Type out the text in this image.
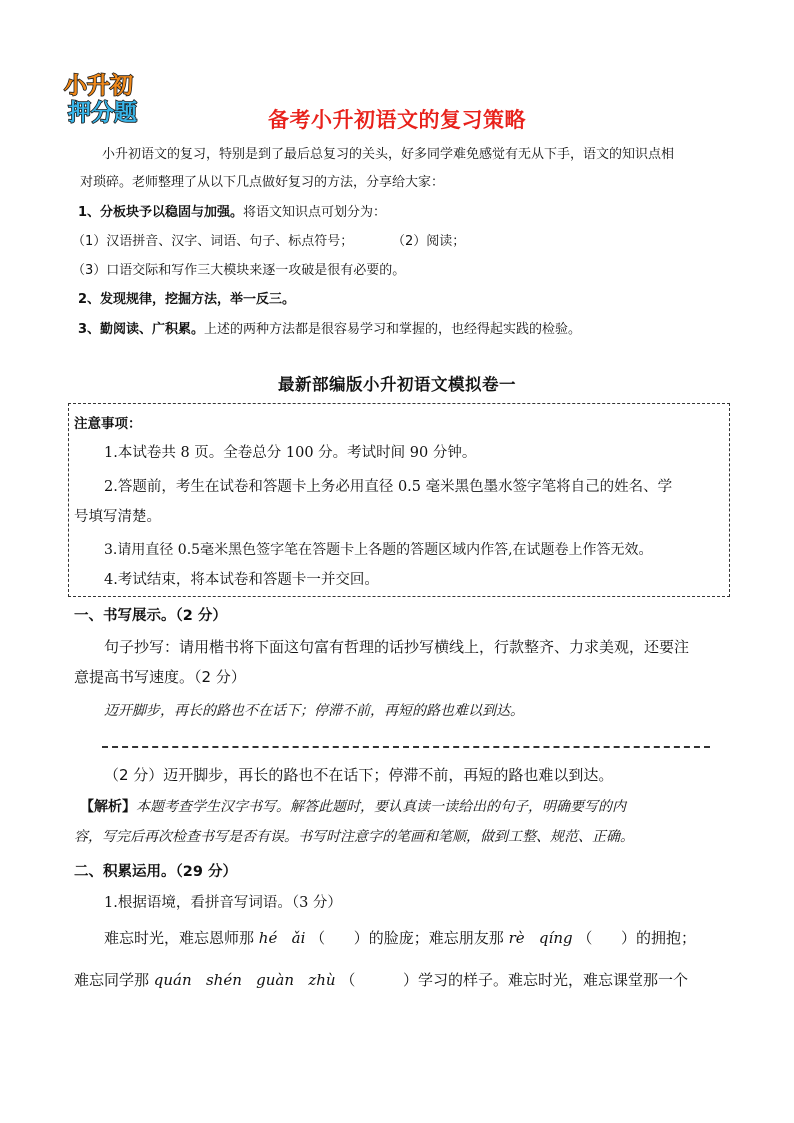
小升初
押分题	备考小升初语文的复习策略
小升初语文的复习，特别是到了最后总复习的关头，好多同学难免感觉有无从下手，语文的知识点相
对琐碎。老师整理了从以下几点做好复习的方法，分享给大家：
1、分板块予以稳固与加强。将语文知识点可划分为：
（1）汉语拼音、汉字、词语、句子、标点符号；	（2）阅读；
（3）口语交际和写作三大模块来逐一攻破是很有必要的。
2、发现规律，挖掘方法，举一反三。
3、勤阅读、广积累。上述的两种方法都是很容易学习和掌握的，也经得起实践的检验。
最新部编版小升初语文模拟卷一
注意事项：
1.本试卷共 8 页。全卷总分 100 分。考试时间 90 分钟。
2.答题前，考生在试卷和答题卡上务必用直径 0.5 毫米黑色墨水签字笔将自己的姓名、学
号填写清楚。
3.请用直径 0.5毫米黑色签字笔在答题卡上各题的答题区域内作答,在试题卷上作答无效。
4.考试结束，将本试卷和答题卡一并交回。
一、书写展示。（2 分）
句子抄写：请用楷书将下面这句富有哲理的话抄写横线上，行款整齐、力求美观，还要注
意提高书写速度。（2 分）
迈开脚步，再长的路也不在话下；停滞不前，再短的路也难以到达。
（2 分）迈开脚步，再长的路也不在话下；停滞不前，再短的路也难以到达。
【解析】本题考查学生汉字书写。解答此题时，要认真读一读给出的句子，明确要写的内
容，写完后再次检查书写是否有误。书写时注意字的笔画和笔顺，做到工整、规范、正确。
二、积累运用。（29 分）
1.根据语境，看拼音写词语。（3 分）
难忘时光，难忘恩师那 hé   ǎi （      ）的脸庞；难忘朋友那 rè   qíng （      ）的拥抱；
难忘同学那 quán   shén   guàn   zhù （          ）学习的样子。难忘时光，难忘课堂那一个
